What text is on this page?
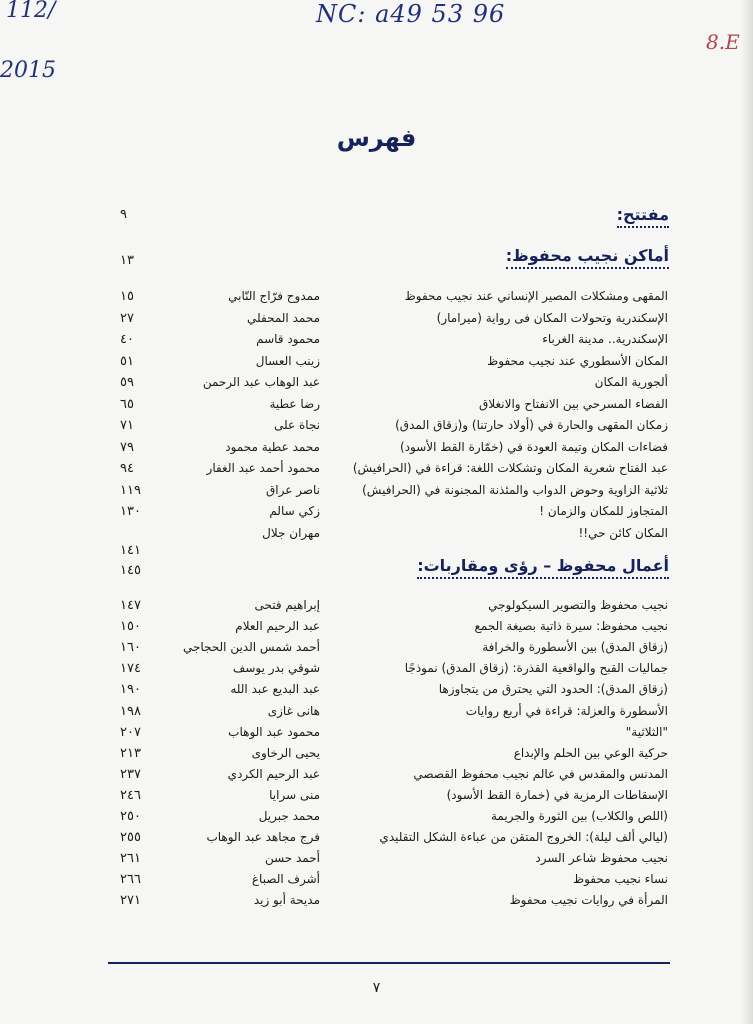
112/
2015
NC: a49 53 96
8.E
فهرس
مفتتح:
٩
أماكن نجيب محفوظ:
١٣
المقهى ومشكلات المصير الإنساني عند نجيب محفوظ
ممدوح فرّاج النّابي
١٥
الإسكندرية وتحولات المكان فى رواية (ميرامار)
محمد المحفلي
٢٧
الإسكندرية.. مدينة الغرباء
محمود قاسم
٤٠
المكان الأسطوري عند نجيب محفوظ
زينب العسال
٥١
ألجورية المكان
عبد الوهاب عبد الرحمن
٥٩
الفضاء المسرحي بين الانفتاح والانغلاق
رضا عطية
٦٥
زمكان المقهى والحارة في (أولاد حارتنا) و(زقاق المدق)
نجاة على
٧١
فضاءات المكان وتيمة العودة في (خمّارة القط الأسود)
محمد عطية محمود
٧٩
عبد الفتاح شعرية المكان وتشكلات اللغة: قراءة في (الحرافيش)
محمود أحمد عبد الغفار
٩٤
ثلاثية الزاوية وحوض الدواب والمئذنة المجنونة في (الحرافيش)
ناصر عراق
١١٩
المتجاوز للمكان والزمان !
زكي سالم
١٣٠
المكان كائن حي!!
مهران جلال
١٤١
أعمال محفوظ – رؤى ومقاربات:
١٤٥
نجيب محفوظ والتصوير السيكولوجي
إبراهيم فتحى
١٤٧
نجيب محفوظ: سيرة ذاتية بصيغة الجمع
عبد الرحيم العلام
١٥٠
(زقاق المدق) بين الأسطورة والخرافة
أحمد شمس الدين الحجاجي
١٦٠
جماليات القبح والواقعية القذرة: (زقاق المدق) نموذجًا
شوقي بدر يوسف
١٧٤
(زقاق المدق): الحدود التي يحترق من يتجاوزها
عبد البديع عبد الله
١٩٠
الأسطورة والعزلة: قراءة في أربع روايات
هانى غازى
١٩٨
"الثلاثية"
محمود عبد الوهاب
٢٠٧
حركية الوعي بين الحلم والإبداع
يحيى الرخاوى
٢١٣
المدنس والمقدس في عالم نجيب محفوظ القصصي
عبد الرحيم الكردي
٢٣٧
الإسقاطات الرمزية في (خمارة القط الأسود)
منى سرايا
٢٤٦
(اللص والكلاب) بين الثورة والجريمة
محمد جبريل
٢٥٠
(ليالي ألف ليلة): الخروج المتقن من عباءة الشكل التقليدي
فرج مجاهد عبد الوهاب
٢٥٥
نجيب محفوظ شاعر السرد
أحمد حسن
٢٦١
نساء نجيب محفوظ
أشرف الصباغ
٢٦٦
المرأة في روايات نجيب محفوظ
مديحة أبو زيد
٢٧١
٧
